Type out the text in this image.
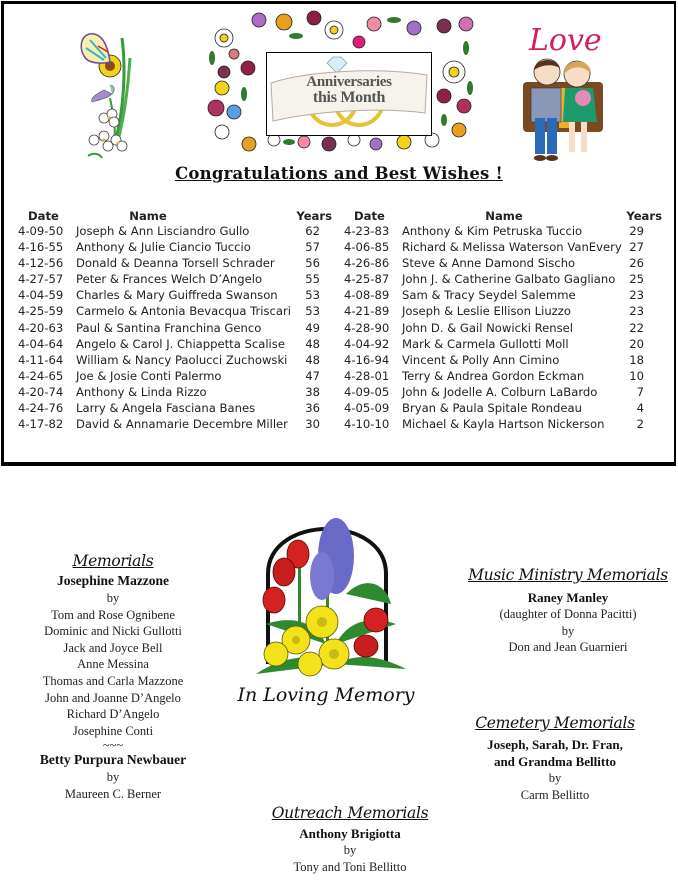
Anniversaries
this Month
Love
Congratulations and Best Wishes !
Date	Name	Years
4-09-50 Joseph & Ann Lisciandro Gullo	62
4-16-55 Anthony & Julie Ciancio Tuccio	57
4-12-56 Donald & Deanna Torsell Schrader	56
4-27-57 Peter & Frances Welch D’Angelo	55
4-04-59 Charles & Mary Guiffreda Swanson	53
4-25-59 Carmelo & Antonia Bevacqua Triscari	53
4-20-63 Paul & Santina Franchina Genco	49
4-04-64 Angelo & Carol J. Chiappetta Scalise	48
4-11-64 William & Nancy Paolucci Zuchowski	48
4-24-65 Joe & Josie Conti Palermo	47
4-20-74 Anthony & Linda Rizzo	38
4-24-76 Larry & Angela Fasciana Banes	36
4-17-82 David & Annamarie Decembre Miller	30
Date	Name	Years
4-23-83 Anthony & Kim Petruska Tuccio	29
4-06-85 Richard & Melissa Waterson VanEvery 27
4-26-86 Steve & Anne Damond Sischo	26
4-25-87 John J. & Catherine Galbato Gagliano	25
4-08-89 Sam & Tracy Seydel Salemme	23
4-21-89 Joseph & Leslie Ellison Liuzzo	23
4-28-90 John D. & Gail Nowicki Rensel	22
4-04-92 Mark & Carmela Gullotti Moll	20
4-16-94 Vincent & Polly Ann Cimino	18
4-28-01 Terry & Andrea Gordon Eckman	10
4-09-05 John & Jodelle A. Colburn LaBardo	7
4-05-09 Bryan & Paula Spitale Rondeau	4
4-10-10 Michael & Kayla Hartson Nickerson	2
Memorials
Josephine Mazzone
by
Tom and Rose Ognibene
Dominic and Nicki Gullotti
Jack and Joyce Bell
Anne Messina
Thomas and Carla Mazzone
John and Joanne D’Angelo
Richard D’Angelo
Josephine Conti
~~~
Betty Purpura Newbauer
by
Maureen C. Berner
In Loving Memory
Music Ministry Memorials
Raney Manley
(daughter of Donna Pacitti)
by
Don and Jean Guarnieri
Cemetery Memorials
Joseph, Sarah, Dr. Fran,
and Grandma Bellitto
by
Carm Bellitto
Outreach Memorials
Anthony Brigiotta
by
Tony and Toni Bellitto
